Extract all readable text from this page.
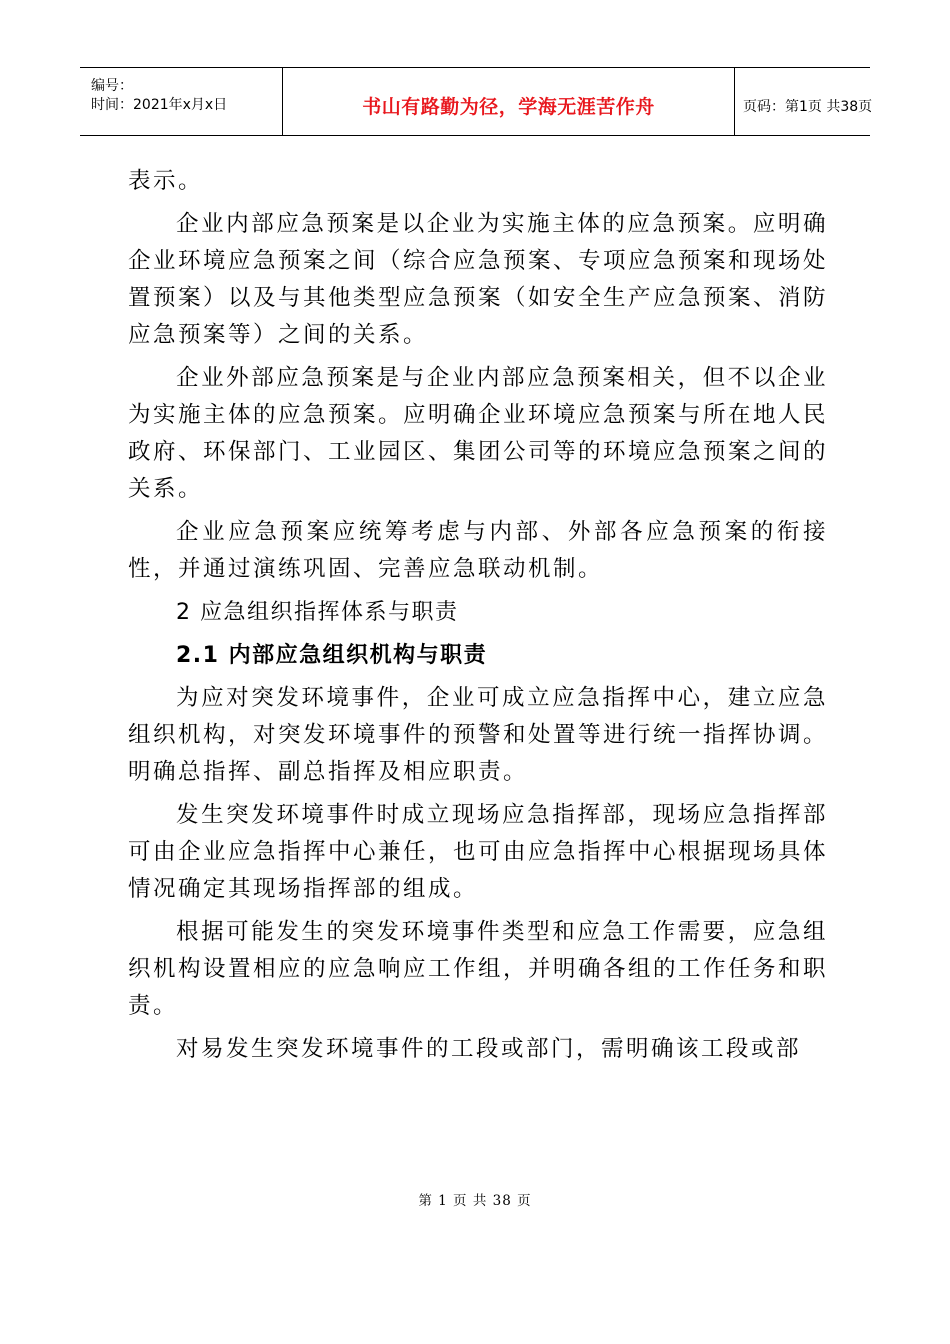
编号：
时间：2021年x月x日	书山有路勤为径，学海无涯苦作舟	页码：第1页 共38页

表示。

企业内部应急预案是以企业为实施主体的应急预案。应明确企业环境应急预案之间（综合应急预案、专项应急预案和现场处置预案）以及与其他类型应急预案（如安全生产应急预案、消防应急预案等）之间的关系。

企业外部应急预案是与企业内部应急预案相关，但不以企业为实施主体的应急预案。应明确企业环境应急预案与所在地人民政府、环保部门、工业园区、集团公司等的环境应急预案之间的关系。

企业应急预案应统筹考虑与内部、外部各应急预案的衔接性，并通过演练巩固、完善应急联动机制。

2 应急组织指挥体系与职责

2.1 内部应急组织机构与职责

为应对突发环境事件，企业可成立应急指挥中心，建立应急组织机构，对突发环境事件的预警和处置等进行统一指挥协调。明确总指挥、副总指挥及相应职责。

发生突发环境事件时成立现场应急指挥部，现场应急指挥部可由企业应急指挥中心兼任，也可由应急指挥中心根据现场具体情况确定其现场指挥部的组成。

根据可能发生的突发环境事件类型和应急工作需要，应急组织机构设置相应的应急响应工作组，并明确各组的工作任务和职责。

对易发生突发环境事件的工段或部门，需明确该工段或部

第 1 页 共 38 页
